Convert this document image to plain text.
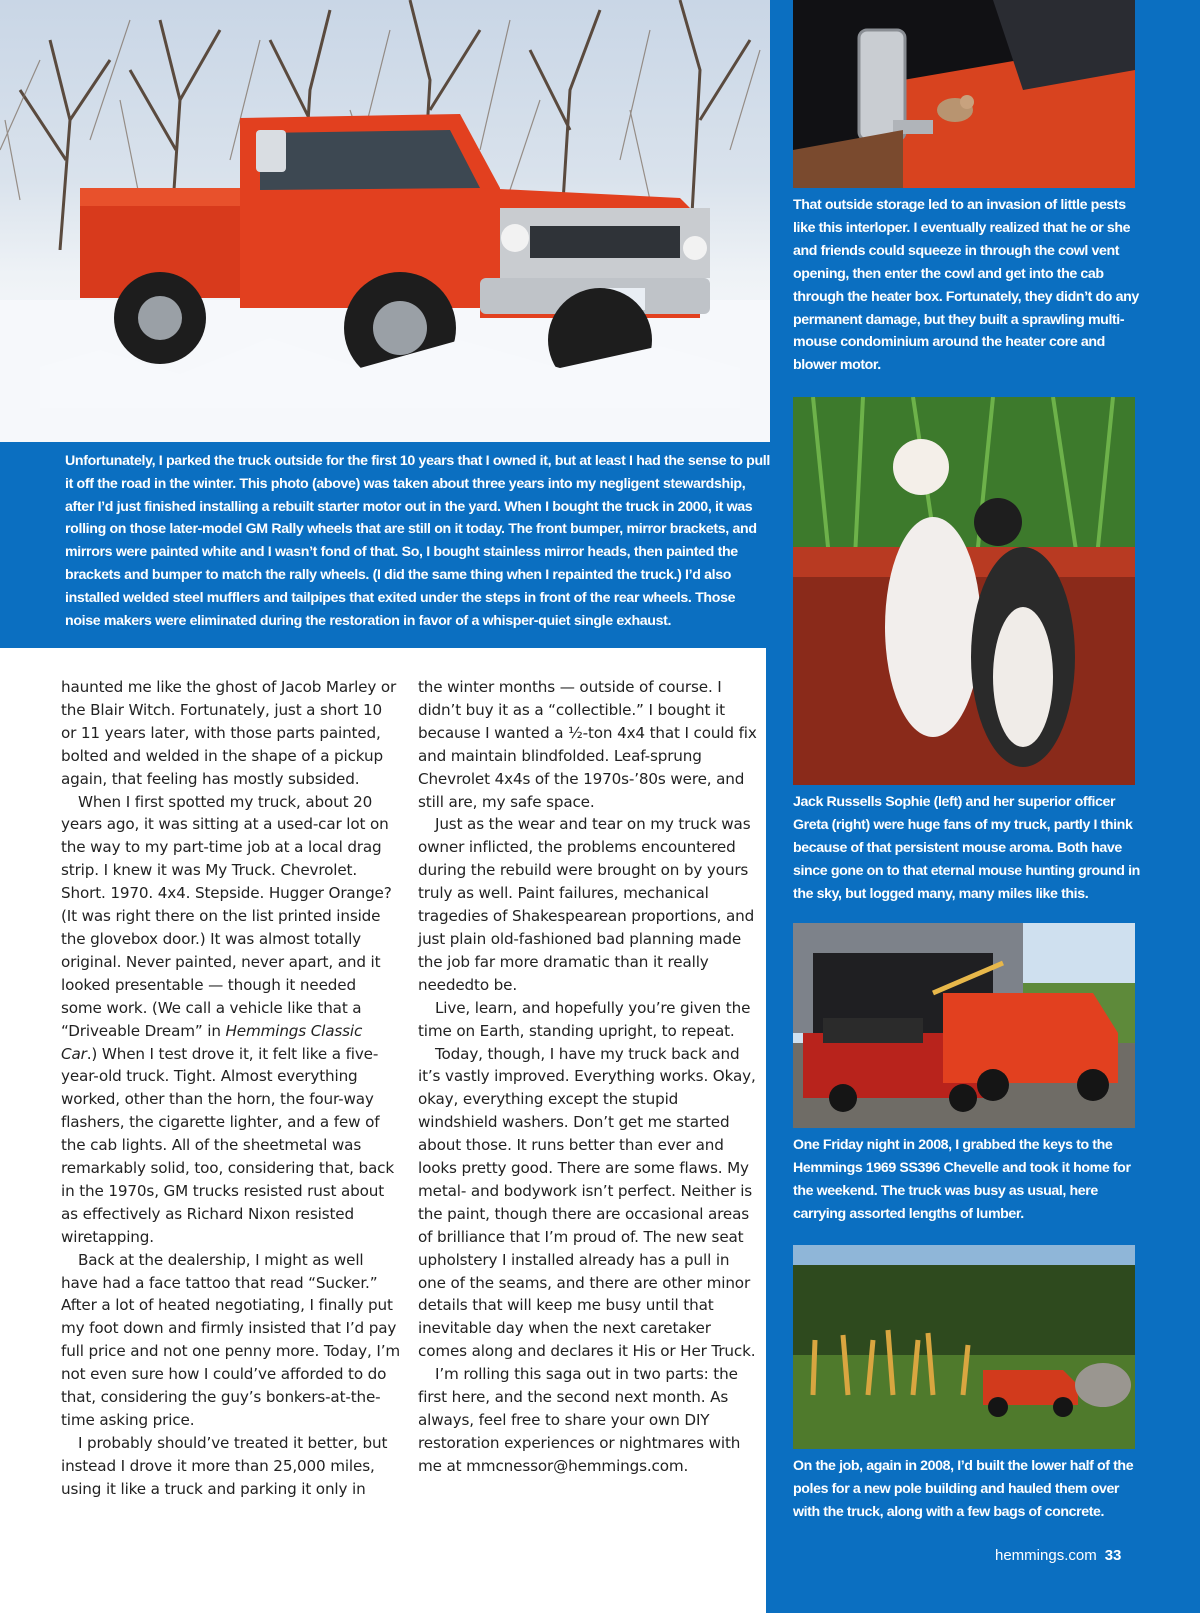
Unfortunately, I parked the truck outside for the first 10 years that I owned it, but at least I had the sense to pull it off the road in the winter. This photo (above) was taken about three years into my negligent stewardship, after I’d just finished installing a rebuilt starter motor out in the yard. When I bought the truck in 2000, it was rolling on those later-model GM Rally wheels that are still on it today. The front bumper, mirror brackets, and mirrors were painted white and I wasn’t fond of that. So, I bought stainless mirror heads, then painted the brackets and bumper to match the rally wheels. (I did the same thing when I repainted the truck.) I’d also installed welded steel mufflers and tailpipes that exited under the steps in front of the rear wheels. Those noise makers were eliminated during the restoration in favor of a whisper-quiet single exhaust.

haunted me like the ghost of Jacob Marley or the Blair Witch. Fortunately, just a short 10 or 11 years later, with those parts painted, bolted and welded in the shape of a pickup again, that feeling has mostly subsided.

When I first spotted my truck, about 20 years ago, it was sitting at a used-car lot on the way to my part-time job at a local drag strip. I knew it was My Truck. Chevrolet. Short. 1970. 4x4. Stepside. Hugger Orange? (It was right there on the list printed inside the glovebox door.) It was almost totally original. Never painted, never apart, and it looked presentable — though it needed some work. (We call a vehicle like that a “Driveable Dream” in Hemmings Classic Car.) When I test drove it, it felt like a five-year-old truck. Tight. Almost everything worked, other than the horn, the four-way flashers, the cigarette lighter, and a few of the cab lights. All of the sheetmetal was remarkably solid, too, considering that, back in the 1970s, GM trucks resisted rust about as effectively as Richard Nixon resisted wiretapping.

Back at the dealership, I might as well have had a face tattoo that read “Sucker.” After a lot of heated negotiating, I finally put my foot down and firmly insisted that I’d pay full price and not one penny more. Today, I’m not even sure how I could’ve afforded to do that, considering the guy’s bonkers-at-the-time asking price.

I probably should’ve treated it better, but instead I drove it more than 25,000 miles, using it like a truck and parking it only in

the winter months — outside of course. I didn’t buy it as a “collectible.” I bought it because I wanted a ½-ton 4x4 that I could fix and maintain blindfolded. Leaf-sprung Chevrolet 4x4s of the 1970s-’80s were, and still are, my safe space.

Just as the wear and tear on my truck was owner inflicted, the problems encountered during the rebuild were brought on by yours truly as well. Paint failures, mechanical tragedies of Shakespearean proportions, and just plain old-fashioned bad planning made the job far more dramatic than it really neededto be.

Live, learn, and hopefully you’re given the time on Earth, standing upright, to repeat.

Today, though, I have my truck back and it’s vastly improved. Everything works. Okay, okay, everything except the stupid windshield washers. Don’t get me started about those. It runs better than ever and looks pretty good. There are some flaws. My metal- and bodywork isn’t perfect. Neither is the paint, though there are occasional areas of brilliance that I’m proud of. The new seat upholstery I installed already has a pull in one of the seams, and there are other minor details that will keep me busy until that inevitable day when the next caretaker comes along and declares it His or Her Truck.

I’m rolling this saga out in two parts: the first here, and the second next month. As always, feel free to share your own DIY restoration experiences or nightmares with me at mmcnessor@hemmings.com.

That outside storage led to an invasion of little pests like this interloper. I eventually realized that he or she and friends could squeeze in through the cowl vent opening, then enter the cowl and get into the cab through the heater box. Fortunately, they didn’t do any permanent damage, but they built a sprawling multi-mouse condominium around the heater core and blower motor.
Jack Russells Sophie (left) and her superior officer Greta (right) were huge fans of my truck, partly I think because of that persistent mouse aroma. Both have since gone on to that eternal mouse hunting ground in the sky, but logged many, many miles like this.
One Friday night in 2008, I grabbed the keys to the Hemmings 1969 SS396 Chevelle and took it home for the weekend. The truck was busy as usual, here carrying assorted lengths of lumber.
On the job, again in 2008, I’d built the lower half of the poles for a new pole building and hauled them over with the truck, along with a few bags of concrete.
hemmings.com 33
